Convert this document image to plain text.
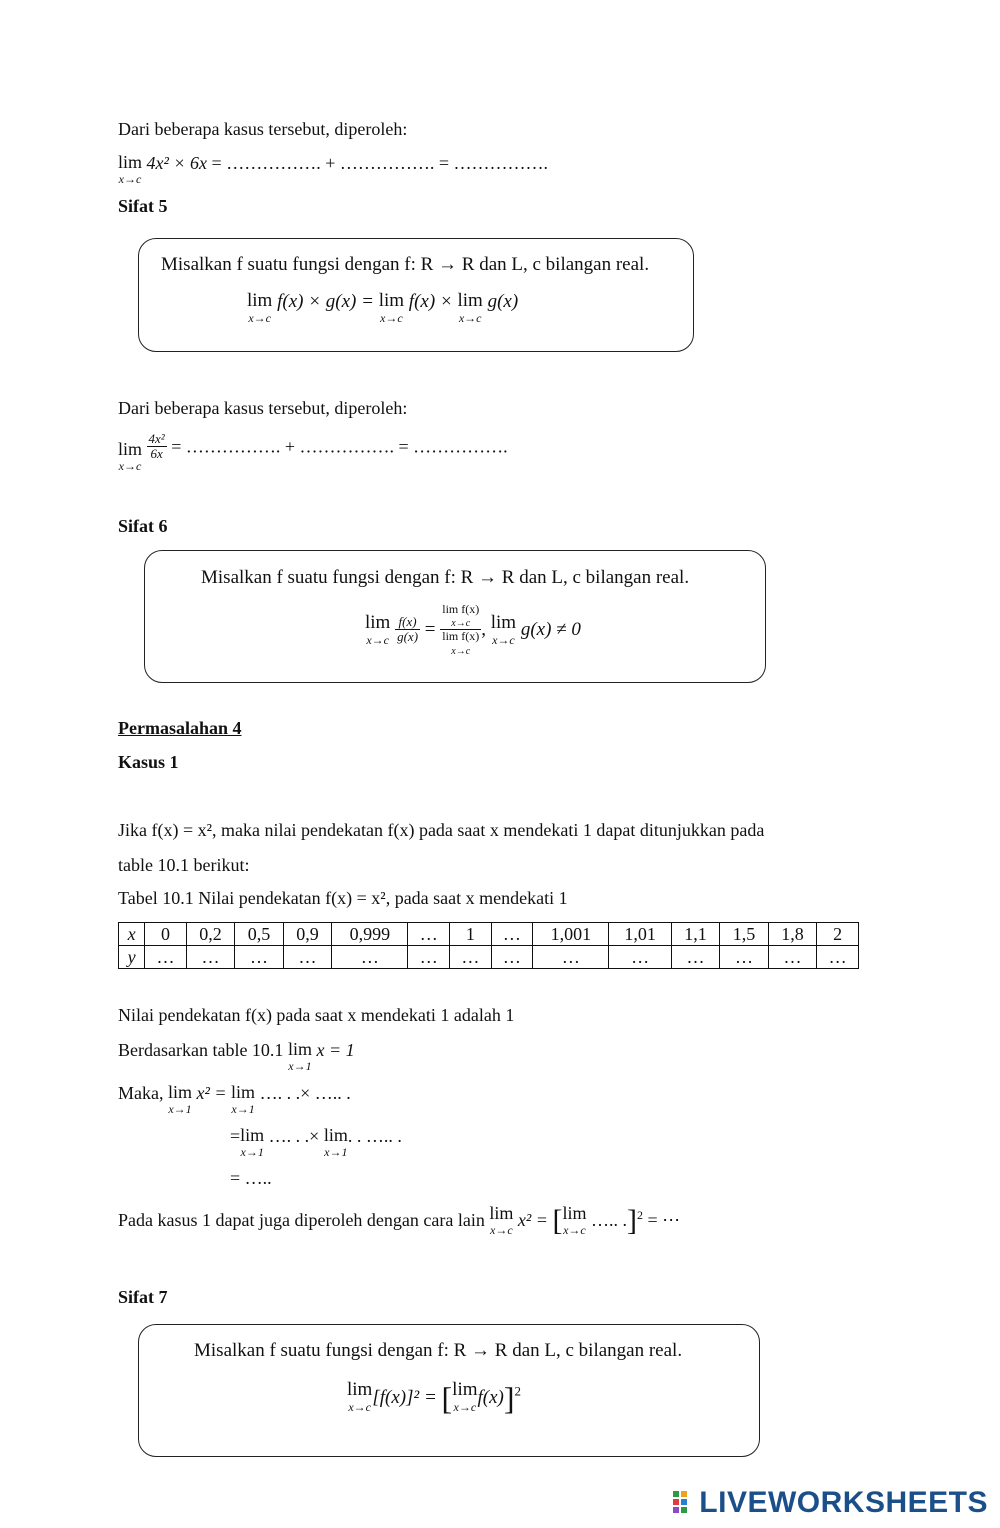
Dari beberapa kasus tersebut, diperoleh:
lim
x→c
4x² × 6x = ……………. + ……………. = …………….
Sifat 5
Misalkan f suatu fungsi dengan f: R → R dan L, c bilangan real.
lim
x→c
f(x) × g(x) = lim
x→c
f(x) × lim
x→c
g(x)
Dari beberapa kasus tersebut, diperoleh:
lim
x→c

$\frac{\text{4x²}}{6x}$ = ……………. + ……………. = …………….
Sifat 6
Misalkan f suatu fungsi dengan f: R → R dan L, c bilangan real.
lim
x→c
$\frac{f(x)}{g(x)}$ =
lim f(x)
x→c
lim f(x)
x→c
, lim
x→c
g(x) ≠ 0
Permasalahan 4
Kasus 1
Jika f(x) = x², maka nilai pendekatan f(x) pada saat x mendekati 1 dapat ditunjukkan pada
table 10.1 berikut:
Tabel 10.1 Nilai pendekatan f(x) = x², pada saat x mendekati 1
x	0	0,2	0,5	0,9	0,999	…	1	…	1,001	1,01	1,1	1,5	1,8	2
y	…	…	…	…	…	…	…	…	…	…	…	…	…	…
Nilai pendekatan f(x) pada saat x mendekati 1 adalah 1
Berdasarkan table 10.1 lim
x→1
x = 1
Maka, lim
x→1
x² = lim
x→1
…. . .× ….. .
= lim
x→1
…. . .× lim
x→1
. . ….. .
= …..
Pada kasus 1 dapat juga diperoleh dengan cara lain lim
x→c x² = [ lim
x→c ….. .]$^2$ = ⋯
Sifat 7
Misalkan f suatu fungsi dengan f: R → R dan L, c bilangan real.
lim
x→c [f(x)]² = [ lim
x→c f(x)]$^2$
LIVEWORKSHEETS
